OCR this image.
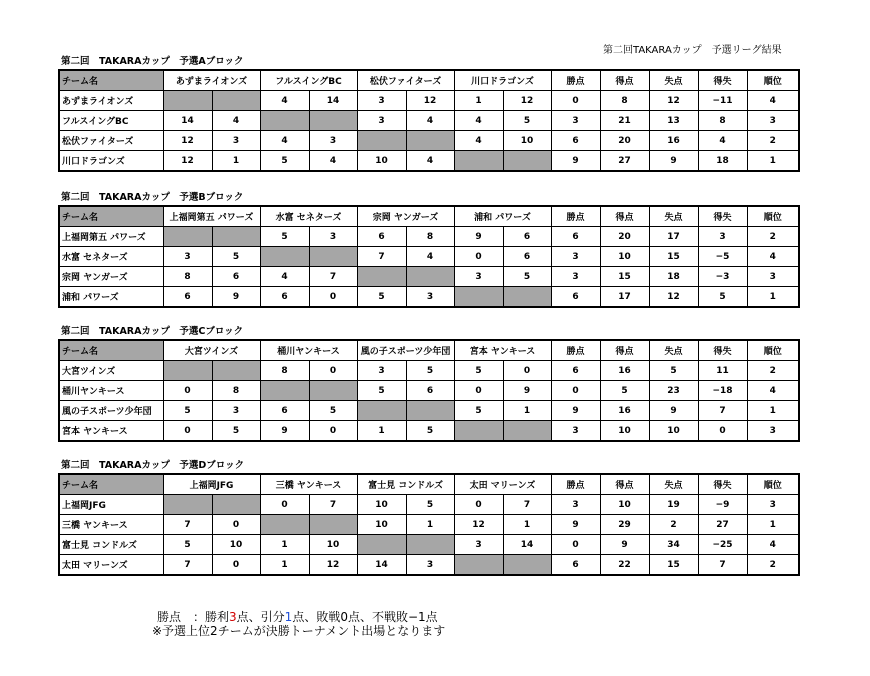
第二回TAKARAカップ　予選リーグ結果
第二回　TAKARAカップ　予選Aブロック
チーム名	あずまライオンズ		フルスイングBC		松伏ファイターズ		川口ドラゴンズ		勝点	得点	失点	得失	順位
あずまライオンズ			4	14	3	12	1	12	0	8	12	−11	4
フルスイングBC	14	4			3	4	4	5	3	21	13	8	3
松伏ファイターズ	12	3	4	3			4	10	6	20	16	4	2
川口ドラゴンズ	12	1	5	4	10	4			9	27	9	18	1
第二回　TAKARAカップ　予選Bブロック
チーム名	上福岡第五 パワーズ		水富 セネターズ		宗岡 ヤンガーズ		浦和 パワーズ		勝点	得点	失点	得失	順位
上福岡第五 パワーズ			5	3	6	8	9	6	6	20	17	3	2
水富 セネターズ	3	5			7	4	0	6	3	10	15	−5	4
宗岡 ヤンガーズ	8	6	4	7			3	5	3	15	18	−3	3
浦和 パワーズ	6	9	6	0	5	3			6	17	12	5	1
第二回　TAKARAカップ　予選Cブロック
チーム名	大宮ツインズ		桶川ヤンキース		風の子スポーツ少年団		宮本 ヤンキース		勝点	得点	失点	得失	順位
大宮ツインズ			8	0	3	5	5	0	6	16	5	11	2
桶川ヤンキース	0	8			5	6	0	9	0	5	23	−18	4
風の子スポーツ少年団	5	3	6	5			5	1	9	16	9	7	1
宮本 ヤンキース	0	5	9	0	1	5			3	10	10	0	3
第二回　TAKARAカップ　予選Dブロック
チーム名	上福岡JFG		三橋 ヤンキース		富士見 コンドルズ		太田 マリーンズ		勝点	得点	失点	得失	順位
上福岡JFG			0	7	10	5	0	7	3	10	19	−9	3
三橋 ヤンキース	7	0			10	1	12	1	9	29	2	27	1
富士見 コンドルズ	5	10	1	10			3	14	0	9	34	−25	4
太田 マリーンズ	7	0	1	12	14	3			6	22	15	7	2
勝点　：勝利3点、引分1点、敗戦0点、不戦敗−1点
※予選上位2チームが決勝トーナメント出場となります
